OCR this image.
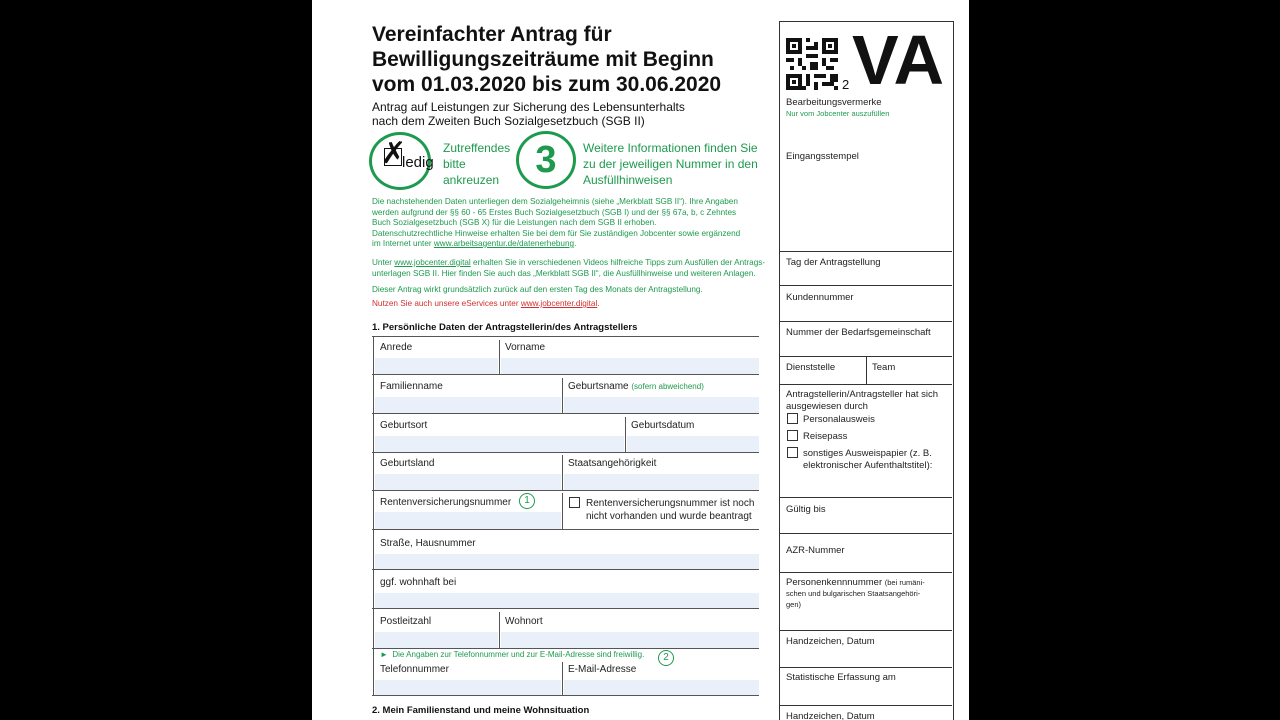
Vereinfachter Antrag für
Bewilligungszeiträume mit Beginn
vom 01.03.2020 bis zum 30.06.2020
Antrag auf Leistungen zur Sicherung des Lebensunterhalts
nach dem Zweiten Buch Sozialgesetzbuch (SGB II)
✗
ledig
Zutreffendes
bitte
ankreuzen 3	Weitere Informationen finden Sie
zu der jeweiligen Nummer in den
Ausfüllhinweisen
Die nachstehenden Daten unterliegen dem Sozialgeheimnis (siehe „Merkblatt SGB II“). Ihre Angaben
werden aufgrund der §§ 60 - 65 Erstes Buch Sozialgesetzbuch (SGB I) und der §§ 67a, b, c Zehntes
Buch Sozialgesetzbuch (SGB X) für die Leistungen nach dem SGB II erhoben.
Datenschutzrechtliche Hinweise erhalten Sie bei dem für Sie zuständigen Jobcenter sowie ergänzend
im Internet unter www.arbeitsagentur.de/datenerhebung.
Unter www.jobcenter.digital erhalten Sie in verschiedenen Videos hilfreiche Tipps zum Ausfüllen der Antrags-
unterlagen SGB II. Hier finden Sie auch das „Merkblatt SGB II“, die Ausfüllhinweise und weiteren Anlagen.
Dieser Antrag wirkt grundsätzlich zurück auf den ersten Tag des Monats der Antragstellung.
Nutzen Sie auch unsere eServices unter www.jobcenter.digital.
1. Persönliche Daten der Antragstellerin/des Antragstellers
Anrede	Vorname
Familienname	Geburtsname (sofern abweichend)
Geburtsort	Geburtsdatum
Geburtsland	Staatsangehörigkeit
Rentenversicherungsnummer	1	Rentenversicherungsnummer ist noch
nicht vorhanden und wurde beantragt
Straße, Hausnummer
ggf. wohnhaft bei
Postleitzahl	Wohnort
► Die Angaben zur Telefonnummer und zur E-Mail-Adresse sind freiwillig.	2
Telefonnummer	E-Mail-Adresse
2. Mein Familienstand und meine Wohnsituation
2 VA
Bearbeitungsvermerke
Nur vom Jobcenter auszufüllen
Eingangsstempel
Tag der Antragstellung
Kundennummer
Nummer der Bedarfsgemeinschaft
Dienststelle	Team
Antragstellerin/Antragsteller hat sich
ausgewiesen durch
Personalausweis
Reisepass
sonstiges Ausweispapier (z. B.
elektronischer Aufenthaltstitel):
Gültig bis
AZR-Nummer
Personenkennnummer (bei rumäni-
schen und bulgarischen Staatsangehöri-
gen)
Handzeichen, Datum
Statistische Erfassung am
Handzeichen, Datum
